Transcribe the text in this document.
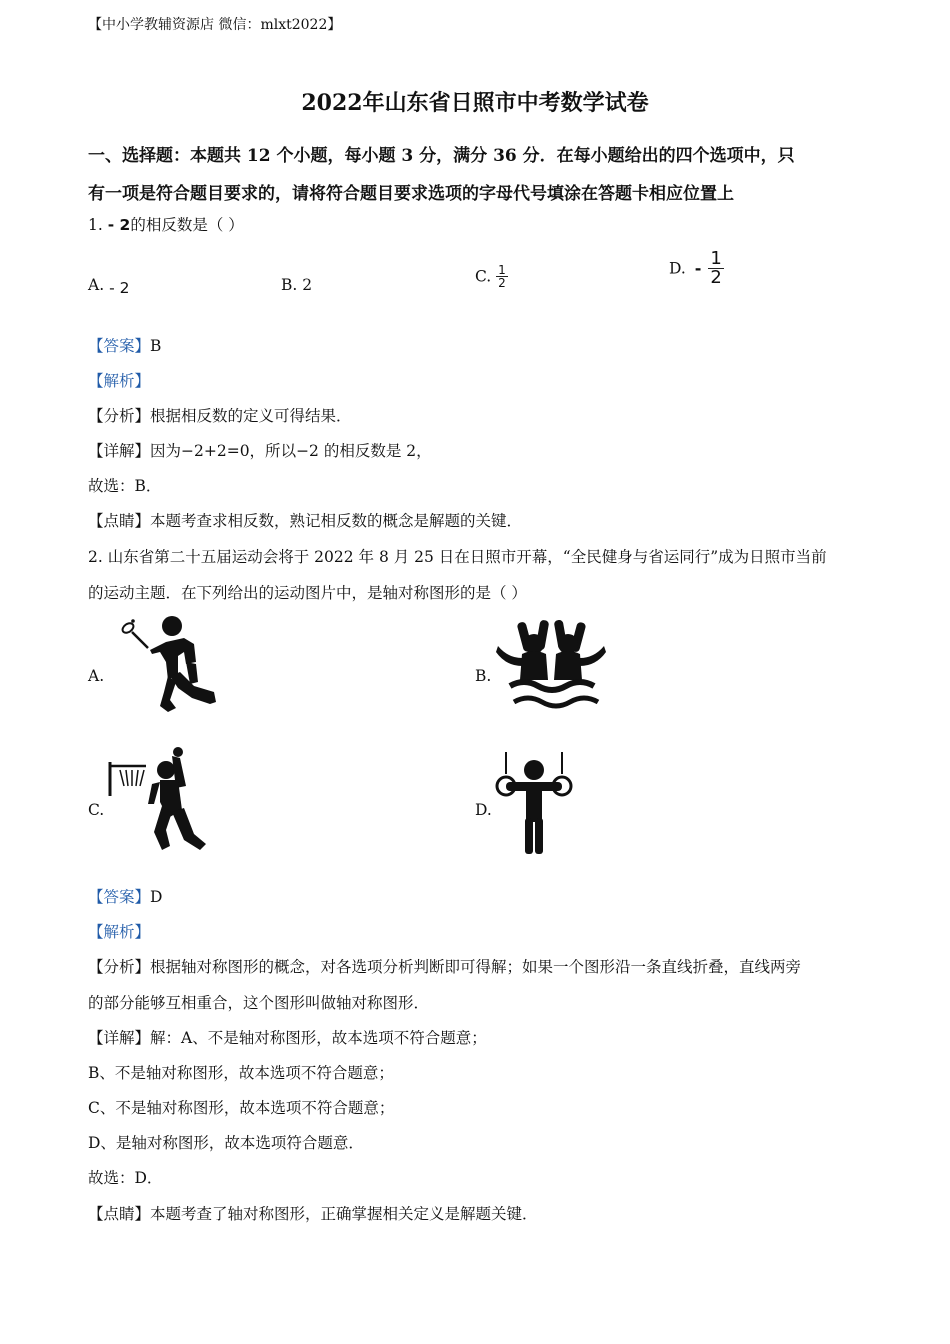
【中小学教辅资源店 微信：mlxt2022】
2022年山东省日照市中考数学试卷
一、选择题：本题共 12 个小题，每小题 3 分，满分 36 分．在每小题给出的四个选项中，只
有一项是符合题目要求的，请将符合题目要求选项的字母代号填涂在答题卡相应位置上
1. - 2的相反数是（ ）
A. - 2	B. 2	C. $\frac{1}{2}$	D. - $\frac{1}{2}$
【答案】B
【解析】
【分析】根据相反数的定义可得结果．
【详解】因为−2+2=0，所以−2 的相反数是 2，
故选：B．
【点睛】本题考查求相反数，熟记相反数的概念是解题的关键．
2. 山东省第二十五届运动会将于 2022 年 8 月 25 日在日照市开幕，“全民健身与省运同行”成为日照市当前
的运动主题．在下列给出的运动图片中，是轴对称图形的是（ ）
A.	B.
C.	D.
【答案】D
【解析】
【分析】根据轴对称图形的概念，对各选项分析判断即可得解；如果一个图形沿一条直线折叠，直线两旁
的部分能够互相重合，这个图形叫做轴对称图形．
【详解】解：A、不是轴对称图形，故本选项不符合题意；
B、不是轴对称图形，故本选项不符合题意；
C、不是轴对称图形，故本选项不符合题意；
D、是轴对称图形，故本选项符合题意．
故选：D．
【点睛】本题考查了轴对称图形，正确掌握相关定义是解题关键．
